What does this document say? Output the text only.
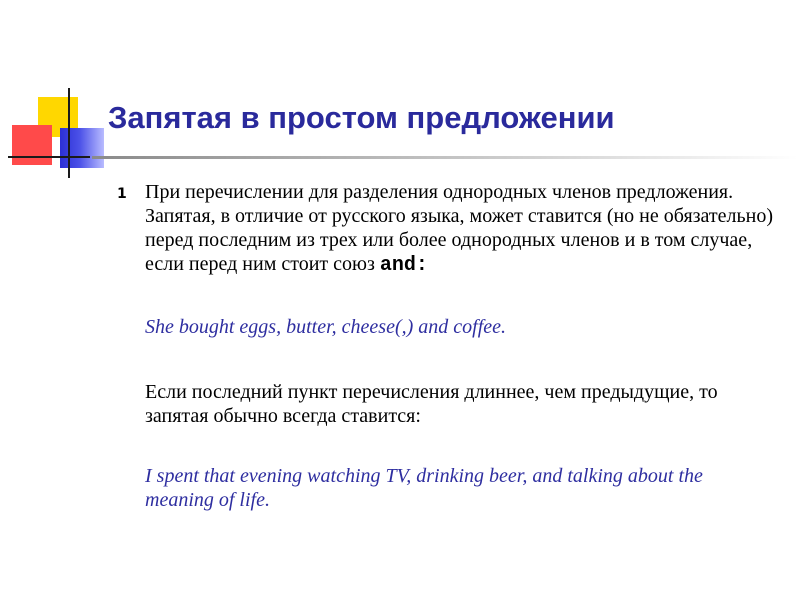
Запятая в простом предложении
1 При перечислении для разделения однородных членов предложения. Запятая, в отличие от русского языка, может ставится (но не обязательно) перед последним из трех или более однородных членов и в том случае, если перед ним стоит союз and:

She bought eggs, butter, cheese(,) and coffee.

Если последний пункт перечисления длиннее, чем предыдущие, то запятая обычно всегда ставится:

I spent that evening watching TV, drinking beer, and talking about the meaning of life.
